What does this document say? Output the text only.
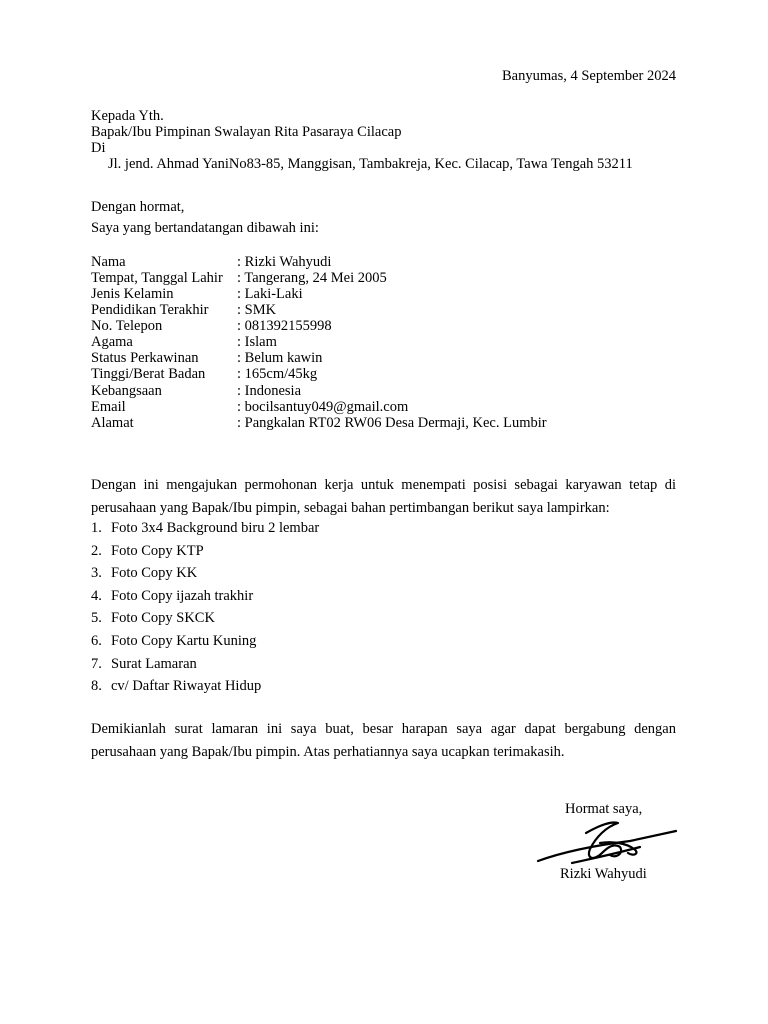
Banyumas, 4 September 2024
Kepada Yth.
Bapak/Ibu Pimpinan Swalayan Rita Pasaraya Cilacap
Di
Jl. jend. Ahmad YaniNo83-85, Manggisan, Tambakreja, Kec. Cilacap, Tawa Tengah 53211
Dengan hormat,
Saya yang bertandatangan dibawah ini:
Nama	: Rizki Wahyudi
Tempat, Tanggal Lahir : Tangerang, 24 Mei 2005
Jenis Kelamin	: Laki-Laki
Pendidikan Terakhir : SMK
No. Telepon	: 081392155998
Agama	: Islam
Status Perkawinan	: Belum kawin
Tinggi/Berat Badan : 165cm/45kg
Kebangsaan	: Indonesia
Email	: bocilsantuy049@gmail.com
Alamat	: Pangkalan RT02 RW06 Desa Dermaji, Kec. Lumbir
Dengan ini mengajukan permohonan kerja untuk menempati posisi sebagai karyawan tetap di
perusahaan yang Bapak/Ibu pimpin, sebagai bahan pertimbangan berikut saya lampirkan:
1. Foto 3x4 Background biru 2 lembar
2. Foto Copy KTP
3. Foto Copy KK
4. Foto Copy ijazah trakhir
5. Foto Copy SKCK
6. Foto Copy Kartu Kuning
7. Surat Lamaran
8. cv/ Daftar Riwayat Hidup
Demikianlah surat lamaran ini saya buat, besar harapan saya agar dapat bergabung dengan
perusahaan yang Bapak/Ibu pimpin. Atas perhatiannya saya ucapkan terimakasih.
Hormat saya,
Rizki Wahyudi
